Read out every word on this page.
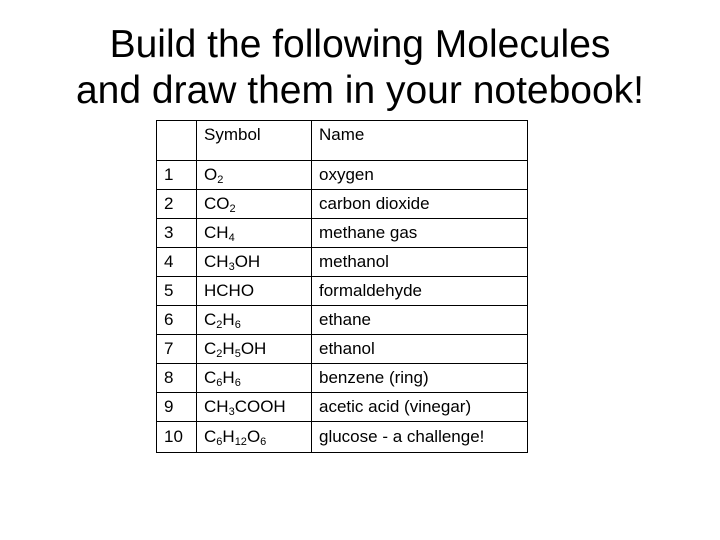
Build the following Molecules
and draw them in your notebook!
	Symbol	Name
1	$O_2$	oxygen
2	$CO_2$	carbon dioxide
3	$CH_4$	methane gas
4	$CH_3OH$	methanol
5	HCHO	formaldehyde
6	$C_2H_6$	ethane
7	$C_2H_5OH$	ethanol
8	$C_6H_6$	benzene (ring)
9	$CH_3COOH$	acetic acid (vinegar)
10	$C_6H_{12}O_6$	glucose - a challenge!
